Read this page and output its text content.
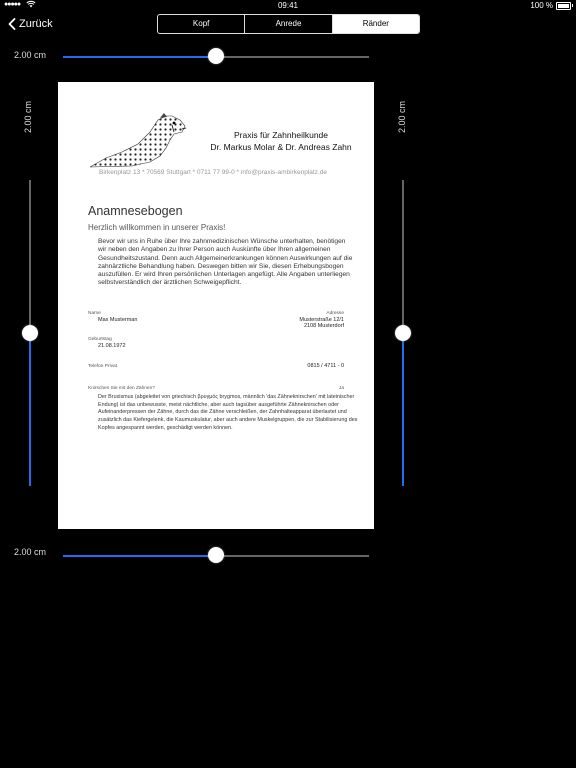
●●●●●	09:41	100 %
Zurück	Kopf	Anrede	Ränder
2.00 cm
2.00 cm	2.00 cm
2.00 cm
Praxis für Zahnheilkunde
Dr. Markus Molar & Dr. Andreas Zahn
Birkenplatz 13 * 70569 Stuttgart * 0711 77 99-0 * info@praxis-ambirkenplatz.de
Anamnesebogen
Herzlich willkommen in unserer Praxis!
Bevor wir uns in Ruhe über Ihre zahnmedizinischen Wünsche unterhalten, benötigen wir neben den Angaben zu Ihrer Person auch Auskünfte über Ihren allgemeinen Gesundheitszustand. Denn auch Allgemeinerkrankungen können Auswirkungen auf die zahnärztliche Behandlung haben. Deswegen bitten wir Sie, diesen Erhebungsbogen auszufüllen. Er wird Ihren persönlichen Unterlagen angefügt. Alle Angaben unterliegen selbstverständlich der ärztlichen Schweigepflicht.
Name
Max Musterman
Adresse
Musterstraße 12/1
2108 Musterdorf
Geburtstag
21.08.1972
Telefon Privat	0815 / 4711 - 0
Knirschen Sie mit den Zähnen?	Ja
Der Bruxismus (abgeleitet von griechisch βρυγμός brygmos, männlich 'das Zähneknirschen' mit lateinischer Endung) ist das unbewusste, meist nächtliche, aber auch tagsüber ausgeführte Zähneknirschen oder Aufeinanderpressen der Zähne, durch das die Zähne verschleißen, der Zahnhalteapparat überlastet und zusätzlich das Kiefergelenk, die Kaumuskulatur, aber auch andere Muskelgruppen, die zur Stabilisierung des Kopfes angespannt werden, geschädigt werden können.
